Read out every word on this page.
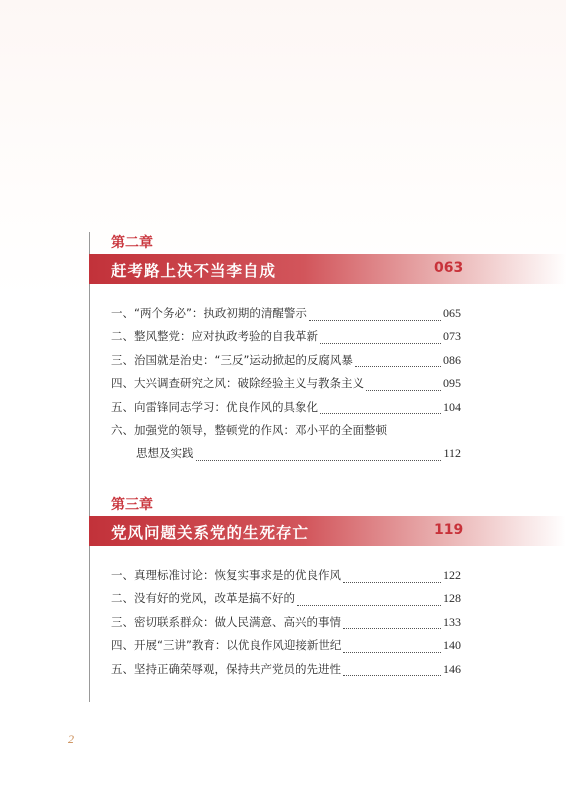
第二章
赶考路上决不当李自成	063
一、“两个务必”：执政初期的清醒警示	065
二、整风整党：应对执政考验的自我革新	073
三、治国就是治史：“三反”运动掀起的反腐风暴	086
四、大兴调查研究之风：破除经验主义与教条主义	095
五、向雷锋同志学习：优良作风的具象化	104
六、加强党的领导，整顿党的作风：邓小平的全面整顿
思想及实践	112
第三章
党风问题关系党的生死存亡	119
一、真理标准讨论：恢复实事求是的优良作风	122
二、没有好的党风，改革是搞不好的	128
三、密切联系群众：做人民满意、高兴的事情	133
四、开展“三讲”教育：以优良作风迎接新世纪	140
五、坚持正确荣辱观，保持共产党员的先进性	146
2
